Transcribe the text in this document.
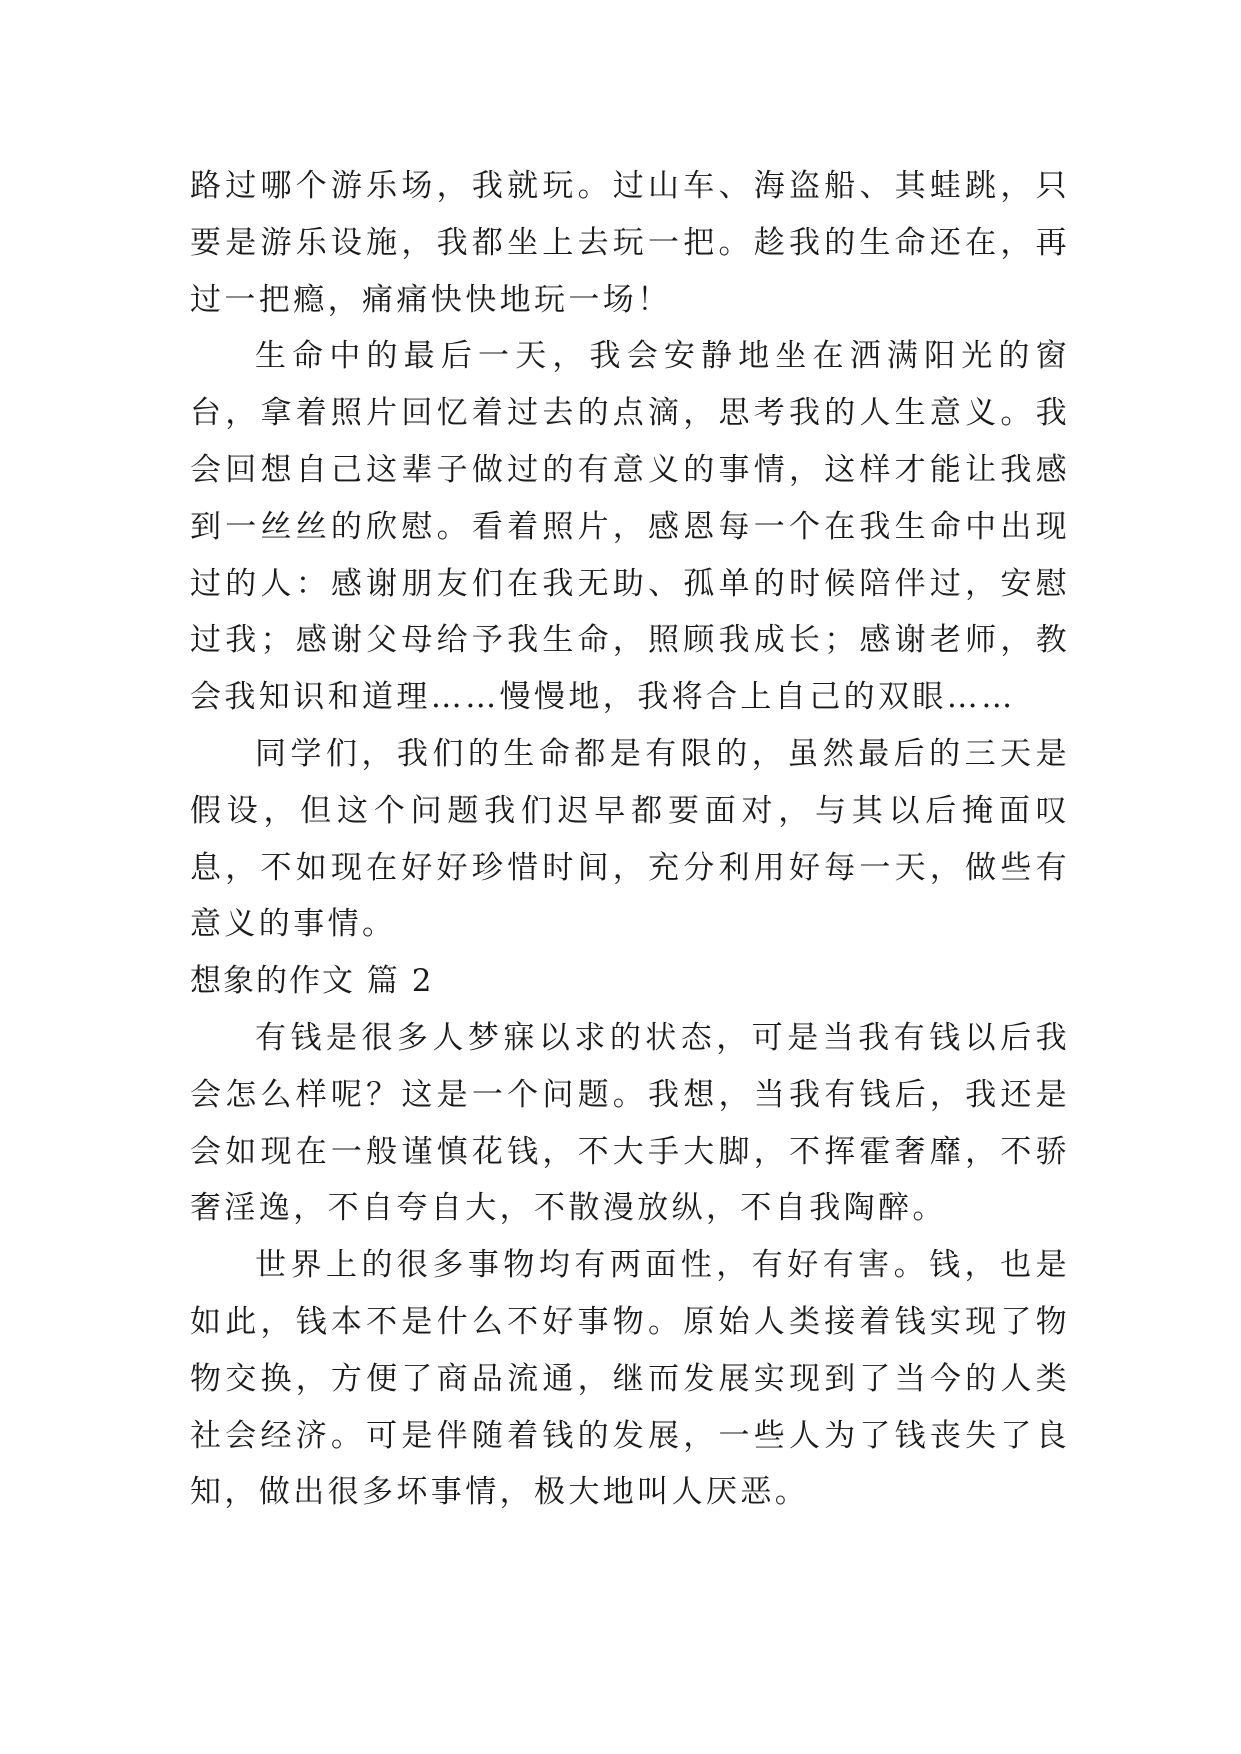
路过哪个游乐场，我就玩。过山车、海盗船、其蛙跳，只要是游乐设施，我都坐上去玩一把。趁我的生命还在，再过一把瘾，痛痛快快地玩一场！

生命中的最后一天，我会安静地坐在洒满阳光的窗台，拿着照片回忆着过去的点滴，思考我的人生意义。我会回想自己这辈子做过的有意义的事情，这样才能让我感到一丝丝的欣慰。看着照片，感恩每一个在我生命中出现过的人：感谢朋友们在我无助、孤单的时候陪伴过，安慰过我；感谢父母给予我生命，照顾我成长；感谢老师，教会我知识和道理……慢慢地，我将合上自己的双眼……

同学们，我们的生命都是有限的，虽然最后的三天是假设，但这个问题我们迟早都要面对，与其以后掩面叹息，不如现在好好珍惜时间，充分利用好每一天，做些有意义的事情。

想象的作文 篇 2

有钱是很多人梦寐以求的状态，可是当我有钱以后我会怎么样呢？这是一个问题。我想，当我有钱后，我还是会如现在一般谨慎花钱，不大手大脚，不挥霍奢靡，不骄奢淫逸，不自夸自大，不散漫放纵，不自我陶醉。

世界上的很多事物均有两面性，有好有害。钱，也是如此，钱本不是什么不好事物。原始人类接着钱实现了物物交换，方便了商品流通，继而发展实现到了当今的人类社会经济。可是伴随着钱的发展，一些人为了钱丧失了良知，做出很多坏事情，极大地叫人厌恶。
